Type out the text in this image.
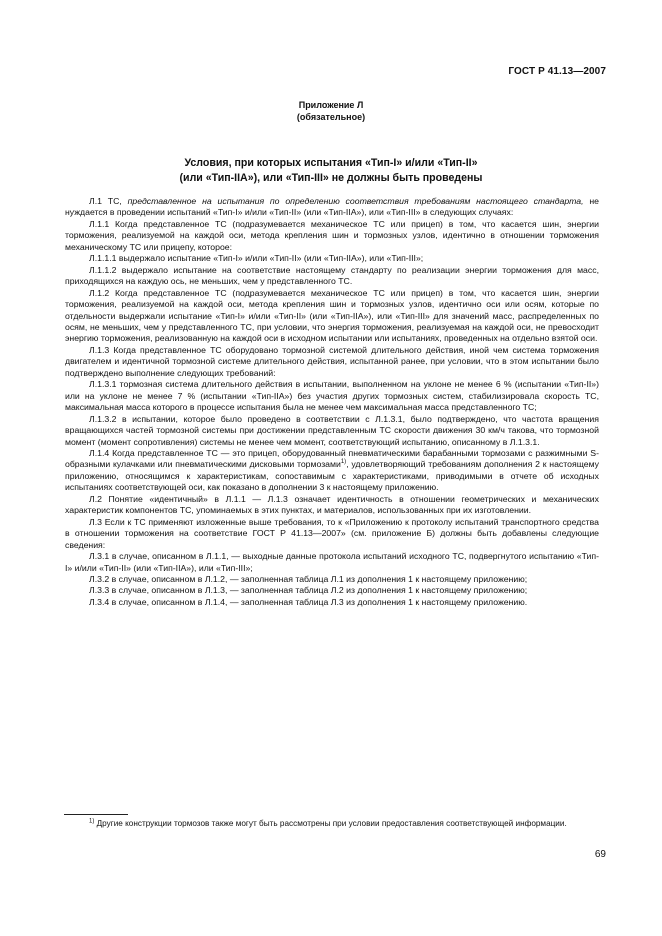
ГОСТ Р 41.13—2007
Приложение Л
(обязательное)
Условия, при которых испытания «Тип-I» и/или «Тип-II»
(или «Тип-IIA»), или «Тип-III» не должны быть проведены

Л.1 ТС, представленное на испытания по определению соответствия требованиям настоящего стандарта, не нуждается в проведении испытаний «Тип-I» и/или «Тип-II» (или «Тип-IIA»), или «Тип-III» в следующих случаях:

Л.1.1 Когда представленное ТС (подразумевается механическое ТС или прицеп) в том, что касается шин, энергии торможения, реализуемой на каждой оси, метода крепления шин и тормозных узлов, идентично в отношении торможения механическому ТС или прицепу, которое:

Л.1.1.1 выдержало испытание «Тип-I» и/или «Тип-II» (или «Тип-IIA»), или «Тип-III»;

Л.1.1.2 выдержало испытание на соответствие настоящему стандарту по реализации энергии торможения для масс, приходящихся на каждую ось, не меньших, чем у представленного ТС.

Л.1.2 Когда представленное ТС (подразумевается механическое ТС или прицеп) в том, что касается шин, энергии торможения, реализуемой на каждой оси, метода крепления шин и тормозных узлов, идентично оси или осям, которые по отдельности выдержали испытание «Тип-I» и/или «Тип-II» (или «Тип-IIA»), или «Тип-III» для значений масс, распределенных по осям, не меньших, чем у представленного ТС, при условии, что энергия торможения, реализуемая на каждой оси, не превосходит энергию торможения, реализованную на каждой оси в исходном испытании или испытаниях, проведенных на отдельно взятой оси.

Л.1.3 Когда представленное ТС оборудовано тормозной системой длительного действия, иной чем система торможения двигателем и идентичной тормозной системе длительного действия, испытанной ранее, при условии, что в этом испытании было подтверждено выполнение следующих требований:

Л.1.3.1 тормозная система длительного действия в испытании, выполненном на уклоне не менее 6 % (испытании «Тип-II») или на уклоне не менее 7 % (испытании «Тип-IIA») без участия других тормозных систем, стабилизировала скорость ТС, максимальная масса которого в процессе испытания была не менее чем максимальная масса представленного ТС;

Л.1.3.2 в испытании, которое было проведено в соответствии с Л.1.3.1, было подтверждено, что частота вращения вращающихся частей тормозной системы при достижении представленным ТС скорости движения 30 км/ч такова, что тормозной момент (момент сопротивления) системы не менее чем момент, соответствующий испытанию, описанному в Л.1.3.1.

Л.1.4 Когда представленное ТС — это прицеп, оборудованный пневматическими барабанными тормозами с разжимными S-образными кулачками или пневматическими дисковыми тормозами$^{1)}$, удовлетворяющий требованиям дополнения 2 к настоящему приложению, относящимся к характеристикам, сопоставимым с характеристиками, приводимыми в отчете об исходных испытаниях соответствующей оси, как показано в дополнении 3 к настоящему приложению.

Л.2 Понятие «идентичный» в Л.1.1 — Л.1.3 означает идентичность в отношении геометрических и механических характеристик компонентов ТС, упоминаемых в этих пунктах, и материалов, использованных при их изготовлении.

Л.3 Если к ТС применяют изложенные выше требования, то к «Приложению к протоколу испытаний транспортного средства в отношении торможения на соответствие ГОСТ Р 41.13—2007» (см. приложение Б) должны быть добавлены следующие сведения:

Л.3.1 в случае, описанном в Л.1.1, — выходные данные протокола испытаний исходного ТС, подвергнутого испытанию «Тип-I» и/или «Тип-II» (или «Тип-IIA»), или «Тип-III»;

Л.3.2 в случае, описанном в Л.1.2, — заполненная таблица Л.1 из дополнения 1 к настоящему приложению;

Л.3.3 в случае, описанном в Л.1.3, — заполненная таблица Л.2 из дополнения 1 к настоящему приложению;

Л.3.4 в случае, описанном в Л.1.4, — заполненная таблица Л.3 из дополнения 1 к настоящему приложению.

$^{1)}$ Другие конструкции тормозов также могут быть рассмотрены при условии предоставления соответствующей информации.

69
